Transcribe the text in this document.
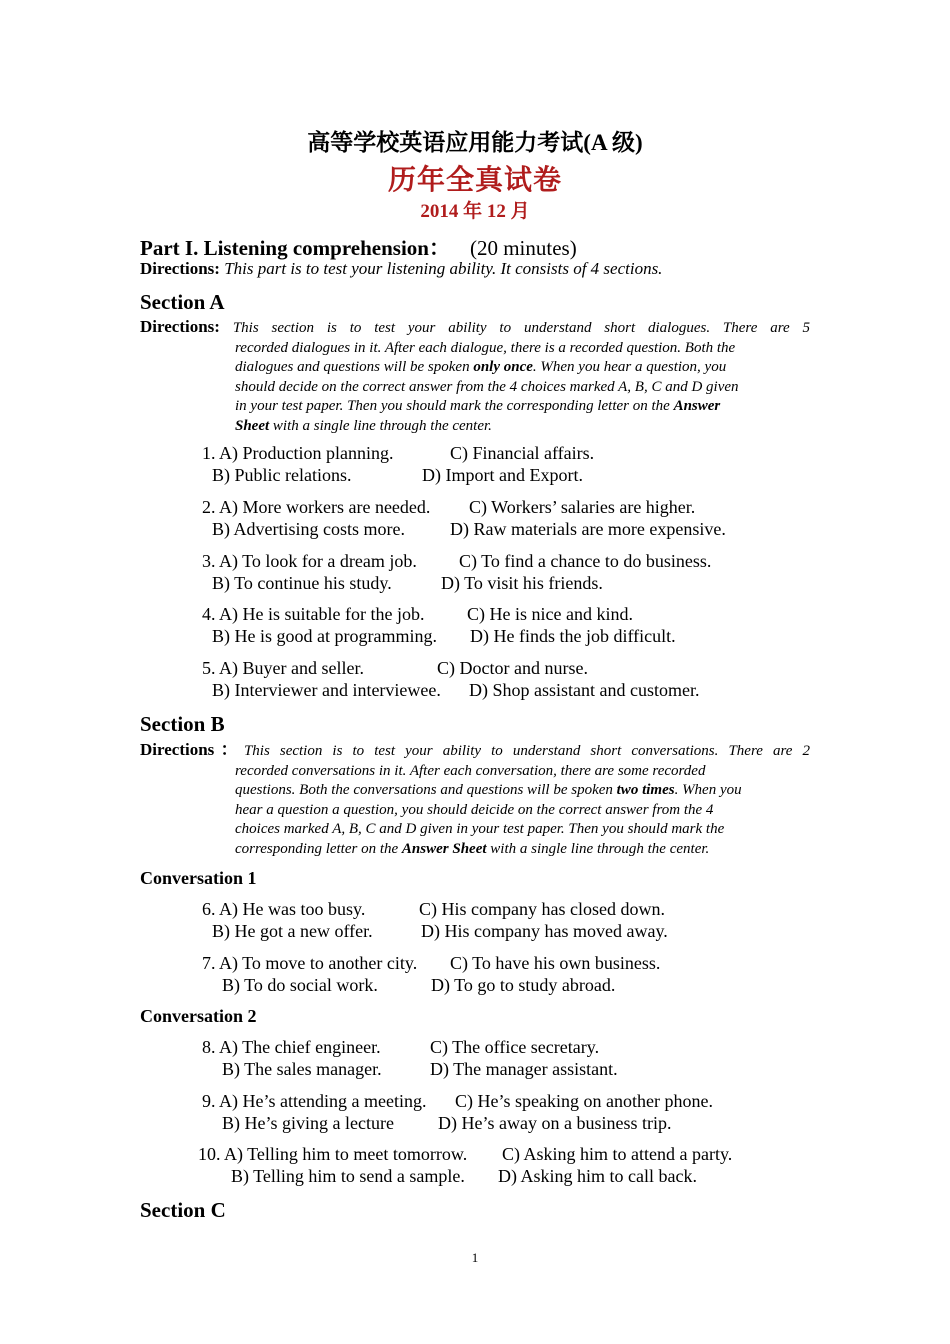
高等学校英语应用能力考试(A 级)
历年全真试卷
2014 年 12 月
Part I. Listening comprehension： (20 minutes)
Directions: This part is to test your listening ability. It consists of 4 sections.
Section A
Directions: This section is to test your ability to understand short dialogues. There are 5
recorded dialogues in it. After each dialogue, there is a recorded question. Both the
dialogues and questions will be spoken only once. When you hear a question, you
should decide on the correct answer from the 4 choices marked A, B, C and D given
in your test paper. Then you should mark the corresponding letter on the Answer
Sheet with a single line through the center.
1. A) Production planning.	C) Financial affairs.
B) Public relations.	D) Import and Export.
2. A) More workers are needed. C) Workers’ salaries are higher.
B) Advertising costs more.	D) Raw materials are more expensive.
3. A) To look for a dream job. C) To find a chance to do business.
B) To continue his study.	D) To visit his friends.
4. A) He is suitable for the job. C) He is nice and kind.
B) He is good at programming. D) He finds the job difficult.
5. A) Buyer and seller.	C) Doctor and nurse.
B) Interviewer and interviewee. D) Shop assistant and customer.
Section B
Directions：This section is to test your ability to understand short conversations. There are 2
recorded conversations in it. After each conversation, there are some recorded
questions. Both the conversations and questions will be spoken two times. When you
hear a question a question, you should deicide on the correct answer from the 4
choices marked A, B, C and D given in your test paper. Then you should mark the
corresponding letter on the Answer Sheet with a single line through the center.
Conversation 1
6. A) He was too busy.	C) His company has closed down.
B) He got a new offer.	D) His company has moved away.
7. A) To move to another city. C) To have his own business.
B) To do social work.	D) To go to study abroad.
Conversation 2
8. A) The chief engineer.	C) The office secretary.
B) The sales manager.	D) The manager assistant.
9. A) He’s attending a meeting. C) He’s speaking on another phone.
B) He’s giving a lecture D) He’s away on a business trip.
10. A) Telling him to meet tomorrow. C) Asking him to attend a party.
B) Telling him to send a sample. D) Asking him to call back.
Section C
1
